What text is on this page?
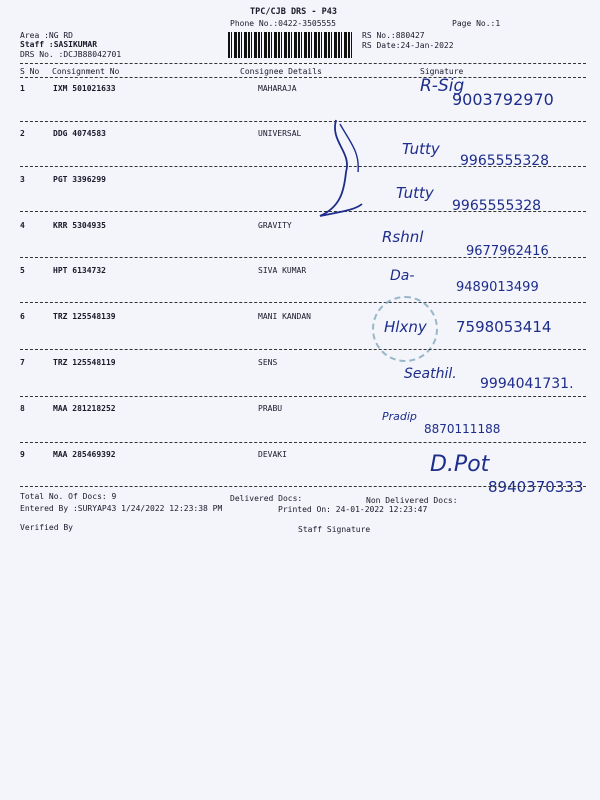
TPC/CJB DRS - P43
Phone No.:0422-3505555	Page No.:1
Area :NG RD
Staff :SASIKUMAR
DRS No. :DCJB88042701
RS No.:880427
RS Date:24-Jan-2022
S No Consignment No	Consignee Details	Signature
1	IXM 501021633	MAHARAJA	R-Sig
9003792970
2	DDG 4074583	UNIVERSAL
Tutty
9965555328
3	PGT 3396299
Tutty
9965555328
4	KRR 5304935	GRAVITY
Rshnl
9677962416
5	HPT 6134732	SIVA KUMAR	Da-
9489013499
6	TRZ 125548139	MANI KANDAN
Hlxny 7598053414
7	TRZ 125548119	SENS
Seathil.
9994041731.
8	MAA 281218252	PRABU
Pradip
8870111188
9	MAA 285469392	DEVAKI	D.Pot
8940370333
Total No. Of Docs: 9	Delivered Docs:	Non Delivered Docs:
Entered By :SURYAP43 1/24/2022 12:23:38 PM	Printed On: 24-01-2022 12:23:47
Verified By	Staff Signature
